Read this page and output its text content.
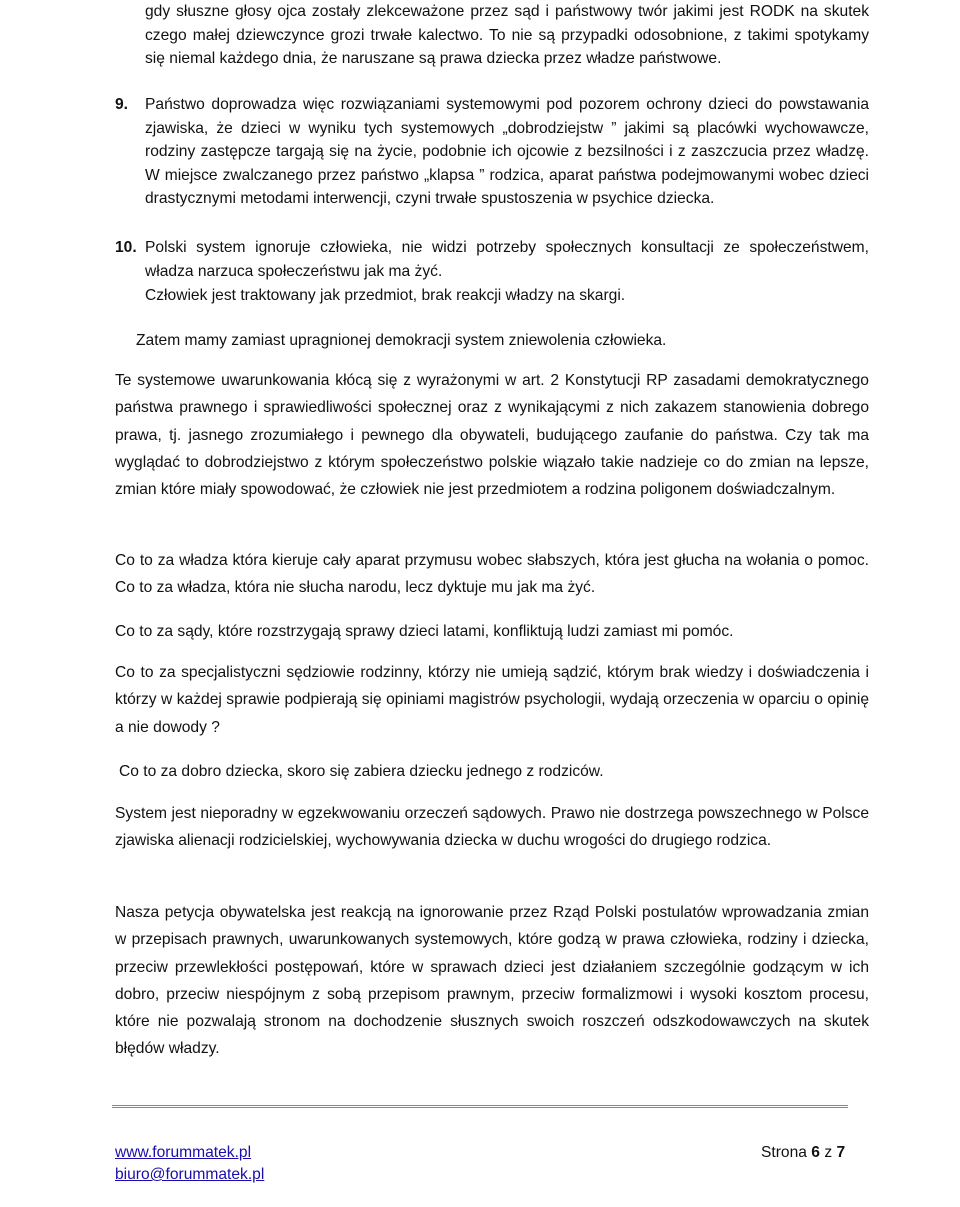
gdy słuszne głosy ojca zostały zlekceważone przez sąd i państwowy twór jakimi jest RODK na skutek czego małej dziewczynce grozi trwałe kalectwo. To nie są przypadki odosobnione, z takimi spotykamy się niemal każdego dnia, że naruszane są prawa dziecka przez władze państwowe.

9. Państwo doprowadza więc rozwiązaniami systemowymi pod pozorem ochrony dzieci do powstawania zjawiska, że dzieci w wyniku tych systemowych „dobrodziejstw ” jakimi są placówki wychowawcze, rodziny zastępcze targają się na życie, podobnie ich ojcowie z bezsilności i z zaszczucia przez władzę. W miejsce zwalczanego przez państwo „klapsa ” rodzica, aparat państwa podejmowanymi wobec dzieci drastycznymi metodami interwencji, czyni trwałe spustoszenia w psychice dziecka.
10. Polski system ignoruje człowieka, nie widzi potrzeby społecznych konsultacji ze społeczeństwem, władza narzuca społeczeństwu jak ma żyć.

Człowiek jest traktowany jak przedmiot, brak reakcji władzy na skargi.

Zatem mamy zamiast upragnionej demokracji system zniewolenia człowieka.

Te systemowe uwarunkowania kłócą się z wyrażonymi w art. 2 Konstytucji RP zasadami demokratycznego państwa prawnego i sprawiedliwości społecznej oraz z wynikającymi z nich zakazem stanowienia dobrego prawa, tj. jasnego zrozumiałego i pewnego dla obywateli, budującego zaufanie do państwa. Czy tak ma wyglądać to dobrodziejstwo z którym społeczeństwo polskie wiązało takie nadzieje co do zmian na lepsze, zmian które miały spowodować, że człowiek nie jest przedmiotem a rodzina poligonem doświadczalnym.

Co to za władza która kieruje cały aparat przymusu wobec słabszych, która jest głucha na wołania o pomoc. Co to za władza, która nie słucha narodu, lecz dyktuje mu jak ma żyć.

Co to za sądy, które rozstrzygają sprawy dzieci latami, konfliktują ludzi zamiast mi pomóc.

Co to za specjalistyczni sędziowie rodzinny, którzy nie umieją sądzić, którym brak wiedzy i doświadczenia i którzy w każdej sprawie podpierają się opiniami magistrów psychologii, wydają orzeczenia w oparciu o opinię a nie dowody ?

Co to za dobro dziecka, skoro się zabiera dziecku jednego z rodziców.

System jest nieporadny w egzekwowaniu orzeczeń sądowych. Prawo nie dostrzega powszechnego w Polsce zjawiska alienacji rodzicielskiej, wychowywania dziecka w duchu wrogości do drugiego rodzica.

Nasza petycja obywatelska jest reakcją na ignorowanie przez Rząd Polski postulatów wprowadzania zmian w przepisach prawnych, uwarunkowanych systemowych, które godzą w prawa człowieka, rodziny i dziecka, przeciw przewlekłości postępowań, które w sprawach dzieci jest działaniem szczególnie godzącym w ich dobro, przeciw niespójnym z sobą przepisom prawnym, przeciw formalizmowi i wysoki kosztom procesu, które nie pozwalają stronom na dochodzenie słusznych swoich roszczeń odszkodowawczych na skutek błędów władzy.

www.forummatek.pl
biuro@forummatek.pl
Strona 6 z 7
